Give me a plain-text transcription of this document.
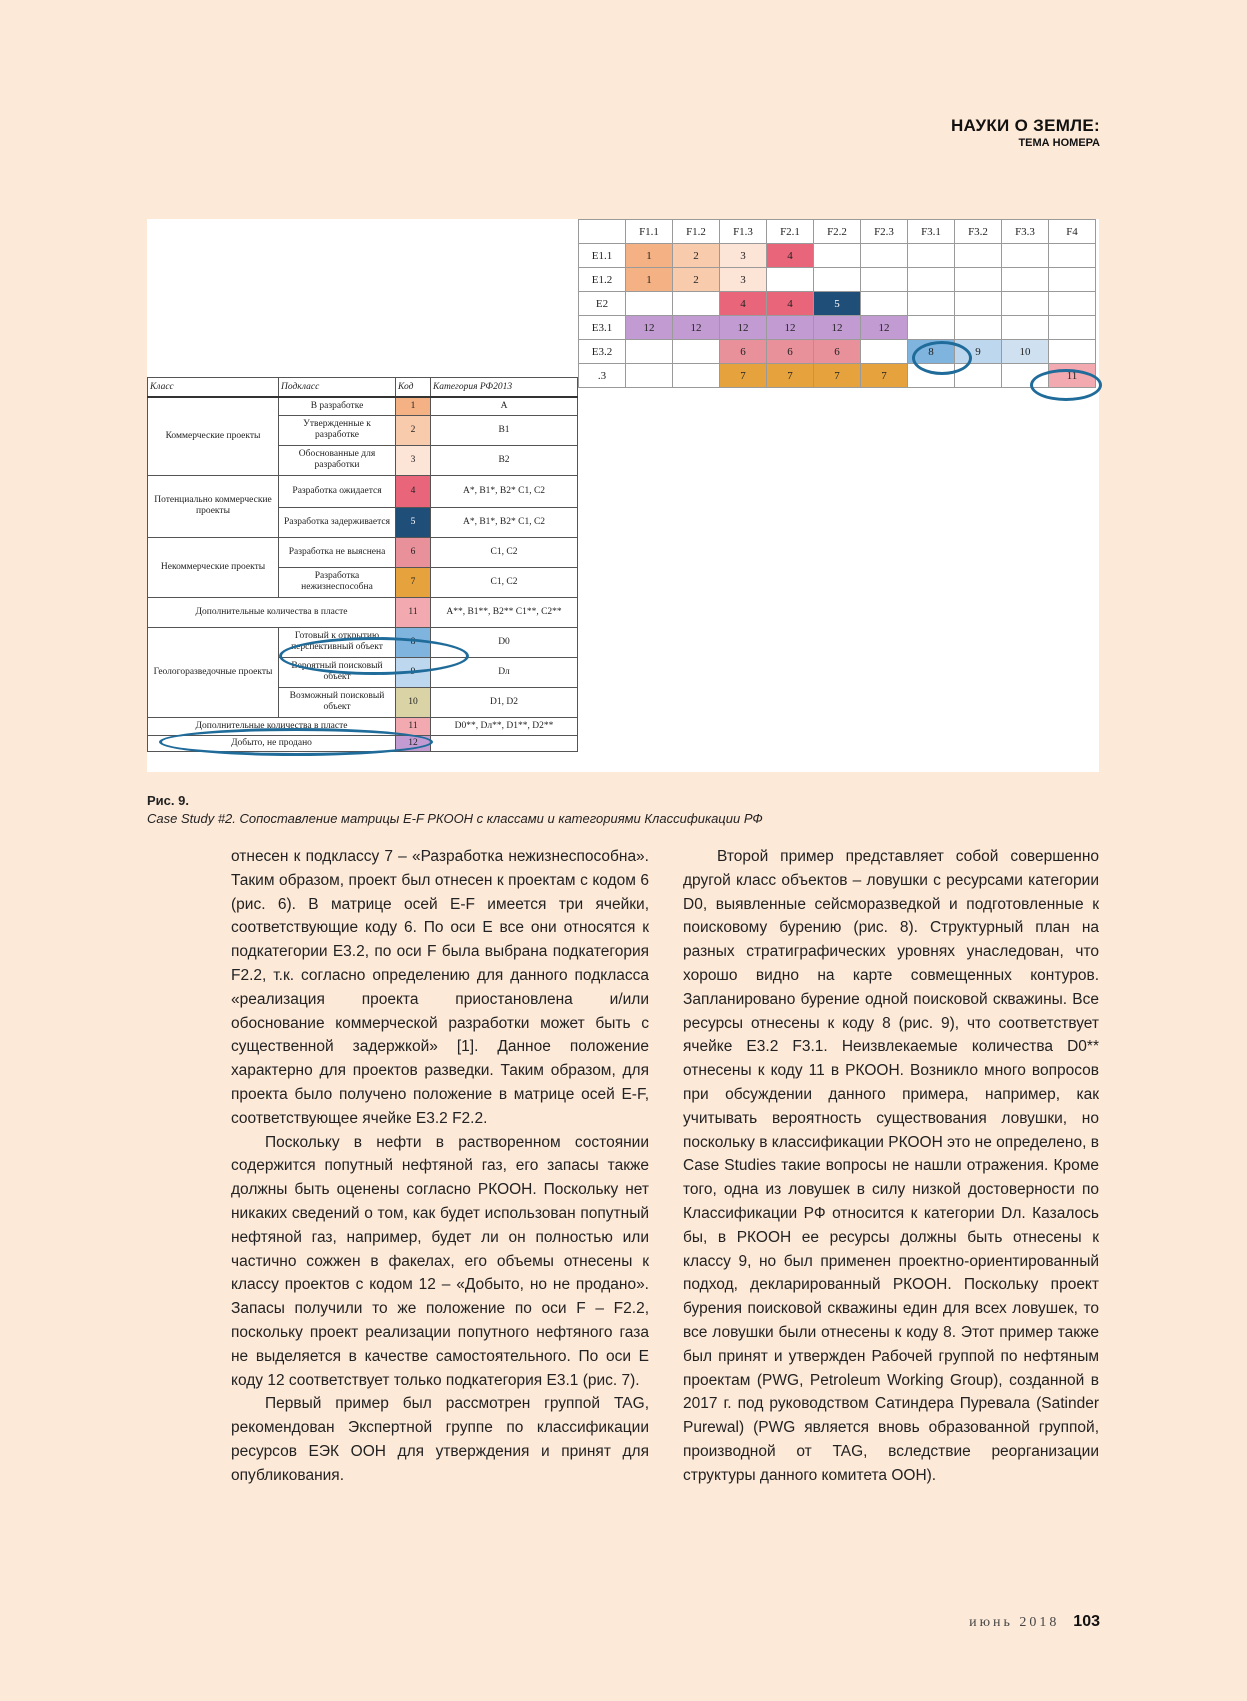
НАУКИ О ЗЕМЛЕ:
ТЕМА НОМЕРА
	F1.1	F1.2	F1.3	F2.1	F2.2	F2.3	F3.1	F3.2	F3.3	F4
E1.1	1	2	3	4						
E1.2	1	2	3							
E2			4	4	5					
E3.1	12	12	12	12	12	12				
E3.2			6	6	6		8	9	10	
.3			7	7	7	7				11
Класс	Подкласс	Код	Категория РФ2013
Коммерческие проекты	В разработке	1	A
	Утвержденные к разработке	2	B1
	Обоснованные для разработки	3	B2
Потенциально коммерческие проекты	Разработка ожидается	4	A*, B1*, B2* C1, C2
	Разработка задерживается	5	A*, B1*, B2* C1, C2
Некоммерческие проекты	Разработка не выяснена	6	C1, C2
	Разработка нежизнеспособна	7	C1, C2
Дополнительные количества в пласте		11	A**, B1**, B2** C1**, C2**
Геологоразведочные проекты	Готовый к открытию перспективный объект	8	D0
	Вероятный поисковый объект	9	Dл
	Возможный поисковый объект	10	D1, D2
Дополнительные количества в пласте		11	D0**, Dл**, D1**, D2**
Добыто, не продано		12	
Рис. 9.
Case Study #2. Сопоставление матрицы E-F РКООН с классами и категориями Классификации РФ

отнесен к подклассу 7 – «Разработка нежизнеспособна». Таким образом, проект был отнесен к проектам с кодом 6 (рис. 6). В матрице осей E-F имеется три ячейки, соответствующие коду 6. По оси E все они относятся к подкатегории E3.2, по оси F была выбрана подкатегория F2.2, т.к. согласно определению для данного подкласса «реализация проекта приостановлена и/или обоснование коммерческой разработки может быть с существенной задержкой» [1]. Данное положение характерно для проектов разведки. Таким образом, для проекта было получено положение в матрице осей E-F, соответствующее ячейке E3.2 F2.2.

Поскольку в нефти в растворенном состоянии содержится попутный нефтяной газ, его запасы также должны быть оценены согласно РКООН. Поскольку нет никаких сведений о том, как будет использован попутный нефтяной газ, например, будет ли он полностью или частично сожжен в факелах, его объемы отнесены к классу проектов с кодом 12 – «Добыто, но не продано». Запасы получили то же положение по оси F – F2.2, поскольку проект реализации попутного нефтяного газа не выделяется в качестве самостоятельного. По оси E коду 12 соответствует только подкатегория E3.1 (рис. 7).

Первый пример был рассмотрен группой TAG, рекомендован Экспертной группе по классификации ресурсов ЕЭК ООН для утверждения и принят для опубликования.

Второй пример представляет собой совершенно другой класс объектов – ловушки с ресурсами категории D0, выявленные сейсморазведкой и подготовленные к поисковому бурению (рис. 8). Структурный план на разных стратиграфических уровнях унаследован, что хорошо видно на карте совмещенных контуров. Запланировано бурение одной поисковой скважины. Все ресурсы отнесены к коду 8 (рис. 9), что соответствует ячейке E3.2 F3.1. Неизвлекаемые количества D0** отнесены к коду 11 в РКООН. Возникло много вопросов при обсуждении данного примера, например, как учитывать вероятность существования ловушки, но поскольку в классификации РКООН это не определено, в Case Studies такие вопросы не нашли отражения. Кроме того, одна из ловушек в силу низкой достоверности по Классификации РФ относится к категории Dл. Казалось бы, в РКООН ее ресурсы должны быть отнесены к классу 9, но был применен проектно-ориентированный подход, декларированный РКООН. Поскольку проект бурения поисковой скважины един для всех ловушек, то все ловушки были отнесены к коду 8. Этот пример также был принят и утвержден Рабочей группой по нефтяным проектам (PWG, Petroleum Working Group), созданной в 2017 г. под руководством Сатиндера Пуревала (Satinder Purewal) (PWG является вновь образованной группой, производной от TAG, вследствие реорганизации структуры данного комитета ООН).

июнь 2018 103
